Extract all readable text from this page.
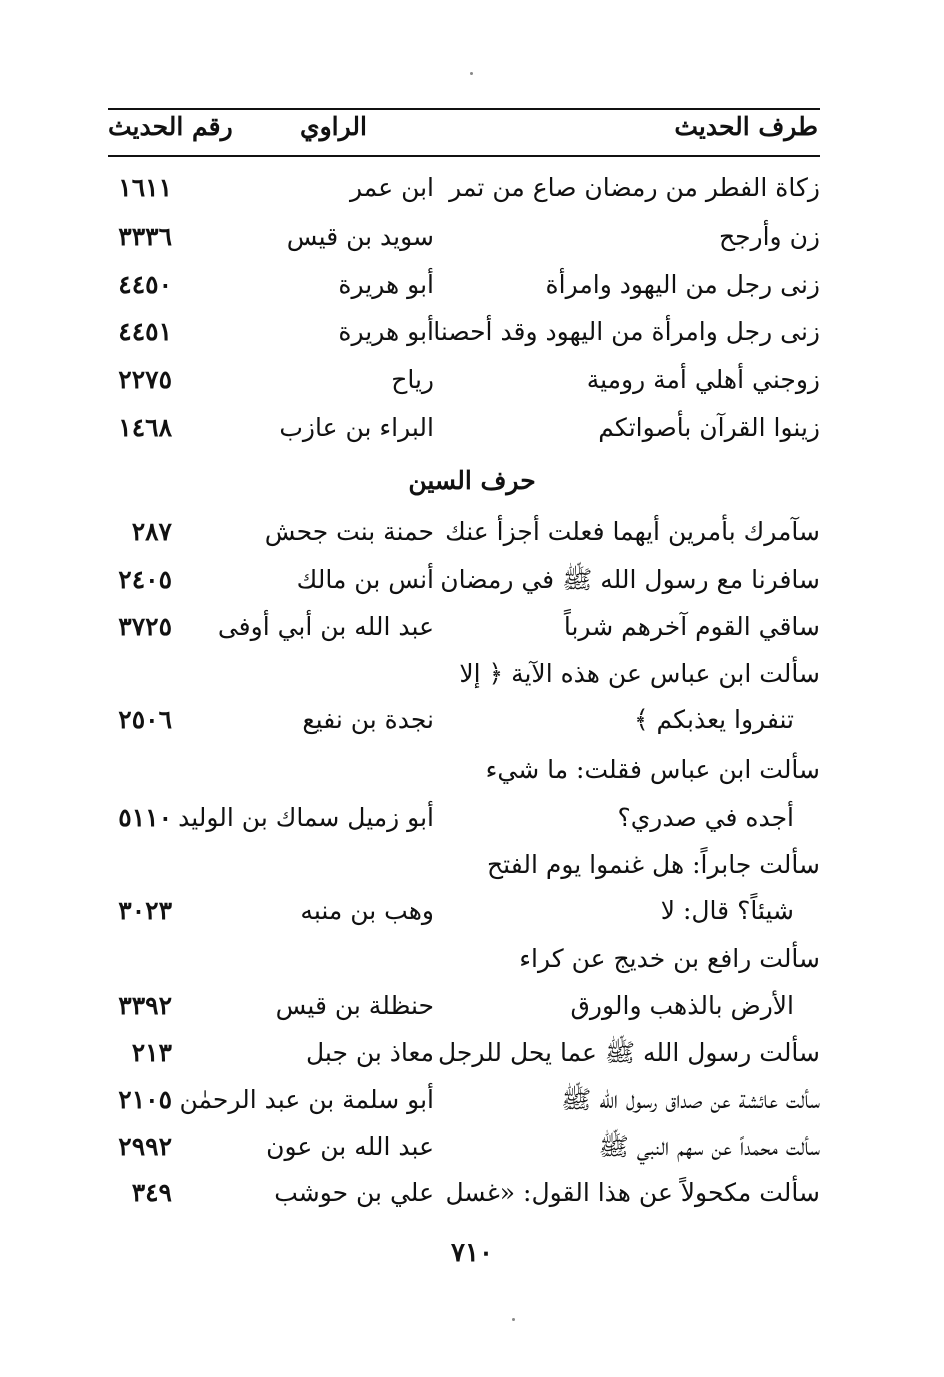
طرف الحديث
الراوي
رقم الحديث
زكاة الفطر من رمضان صاع من تمر
ابن عمر
١٦١١
زن وأرجح
سويد بن قيس
٣٣٣٦
زنى رجل من اليهود وامرأة
أبو هريرة
٤٤٥٠
زنى رجل وامرأة من اليهود وقد أحصنا
أبو هريرة
٤٤٥١
زوجني أهلي أمة رومية
رياح
٢٢٧٥
زينوا القرآن بأصواتكم
البراء بن عازب
١٤٦٨
حرف السين
سآمرك بأمرين أيهما فعلت أجزأ عنك
حمنة بنت جحش
٢٨٧
سافرنا مع رسول الله ﷺ في رمضان
أنس بن مالك
٢٤٠٥
ساقي القوم آخرهم شرباً
عبد الله بن أبي أوفى
٣٧٢٥
سألت ابن عباس عن هذه الآية ﴿ إلا
تنفروا يعذبكم ﴾
نجدة بن نفيع
٢٥٠٦
سألت ابن عباس فقلت: ما شيء
أجده في صدري؟
أبو زميل سماك بن الوليد
٥١١٠
سألت جابراً: هل غنموا يوم الفتح
شيئاً؟ قال: لا
وهب بن منبه
٣٠٢٣
سألت رافع بن خديج عن كراء
الأرض بالذهب والورق
حنظلة بن قيس
٣٣٩٢
سألت رسول الله ﷺ عما يحل للرجل
معاذ بن جبل
٢١٣
سألت عائشة عن صداق رسول الله ﷺ
أبو سلمة بن عبد الرحمٰن
٢١٠٥
سألت محمداً عن سهم النبي ﷺ
عبد الله بن عون
٢٩٩٢
سألت مكحولاً عن هذا القول: «غسل
علي بن حوشب
٣٤٩
٧١٠
